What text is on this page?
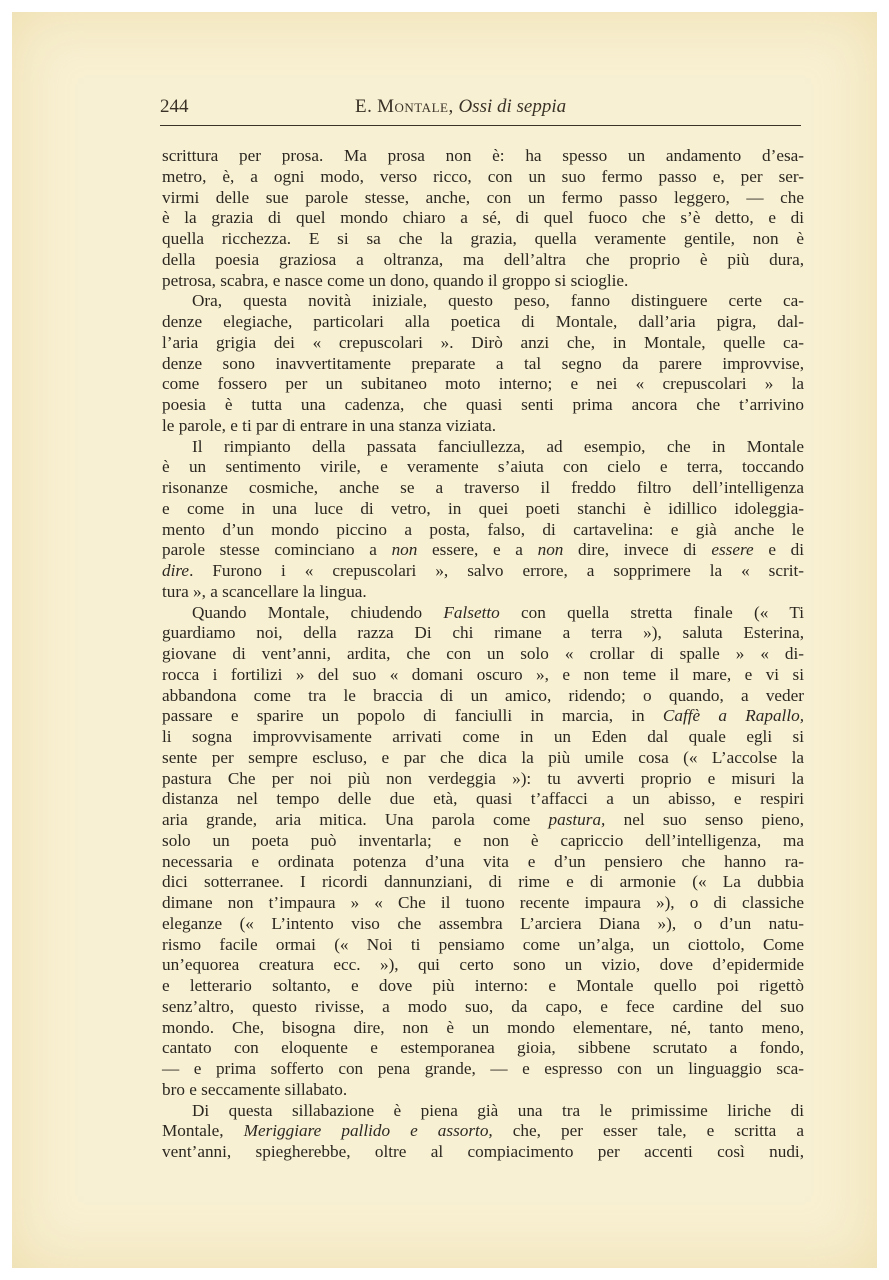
244	E. Montale, Ossi di seppia
scrittura per prosa. Ma prosa non è: ha spesso un andamento d’esa-
metro, è, a ogni modo, verso ricco, con un suo fermo passo e, per ser-
virmi delle sue parole stesse, anche, con un fermo passo leggero, — che
è la grazia di quel mondo chiaro a sé, di quel fuoco che s’è detto, e di
quella ricchezza. E si sa che la grazia, quella veramente gentile, non è
della poesia graziosa a oltranza, ma dell’altra che proprio è più dura,
petrosa, scabra, e nasce come un dono, quando il groppo si scioglie.
Ora, questa novità iniziale, questo peso, fanno distinguere certe ca-
denze elegiache, particolari alla poetica di Montale, dall’aria pigra, dal-
l’aria grigia dei « crepuscolari ». Dirò anzi che, in Montale, quelle ca-
denze sono inavvertitamente preparate a tal segno da parere improvvise,
come fossero per un subitaneo moto interno; e nei « crepuscolari » la
poesia è tutta una cadenza, che quasi senti prima ancora che t’arrivino
le parole, e ti par di entrare in una stanza viziata.
Il rimpianto della passata fanciullezza, ad esempio, che in Montale
è un sentimento virile, e veramente s’aiuta con cielo e terra, toccando
risonanze cosmiche, anche se a traverso il freddo filtro dell’intelligenza
e come in una luce di vetro, in quei poeti stanchi è idillico idoleggia-
mento d’un mondo piccino a posta, falso, di cartavelina: e già anche le
parole stesse cominciano a non essere, e a non dire, invece di essere e di
dire. Furono i « crepuscolari », salvo errore, a sopprimere la « scrit-
tura », a scancellare la lingua.
Quando Montale, chiudendo Falsetto con quella stretta finale (« Ti
guardiamo noi, della razza Di chi rimane a terra »), saluta Esterina,
giovane di vent’anni, ardita, che con un solo « crollar di spalle » « di-
rocca i fortilizi » del suo « domani oscuro », e non teme il mare, e vi si
abbandona come tra le braccia di un amico, ridendo; o quando, a veder
passare e sparire un popolo di fanciulli in marcia, in Caffè a Rapallo,
li sogna improvvisamente arrivati come in un Eden dal quale egli si
sente per sempre escluso, e par che dica la più umile cosa (« L’accolse la
pastura Che per noi più non verdeggia »): tu avverti proprio e misuri la
distanza nel tempo delle due età, quasi t’affacci a un abisso, e respiri
aria grande, aria mitica. Una parola come pastura, nel suo senso pieno,
solo un poeta può inventarla; e non è capriccio dell’intelligenza, ma
necessaria e ordinata potenza d’una vita e d’un pensiero che hanno ra-
dici sotterranee. I ricordi dannunziani, di rime e di armonie (« La dubbia
dimane non t’impaura » « Che il tuono recente impaura »), o di classiche
eleganze (« L’intento viso che assembra L’arciera Diana »), o d’un natu-
rismo facile ormai (« Noi ti pensiamo come un’alga, un ciottolo, Come
un’equorea creatura ecc. »), qui certo sono un vizio, dove d’epidermide
e letterario soltanto, e dove più interno: e Montale quello poi rigettò
senz’altro, questo rivisse, a modo suo, da capo, e fece cardine del suo
mondo. Che, bisogna dire, non è un mondo elementare, né, tanto meno,
cantato con eloquente e estemporanea gioia, sibbene scrutato a fondo,
— e prima sofferto con pena grande, — e espresso con un linguaggio sca-
bro e seccamente sillabato.
Di questa sillabazione è piena già una tra le primissime liriche di
Montale, Meriggiare pallido e assorto, che, per esser tale, e scritta a
vent’anni, spiegherebbe, oltre al compiacimento per accenti così nudi,
